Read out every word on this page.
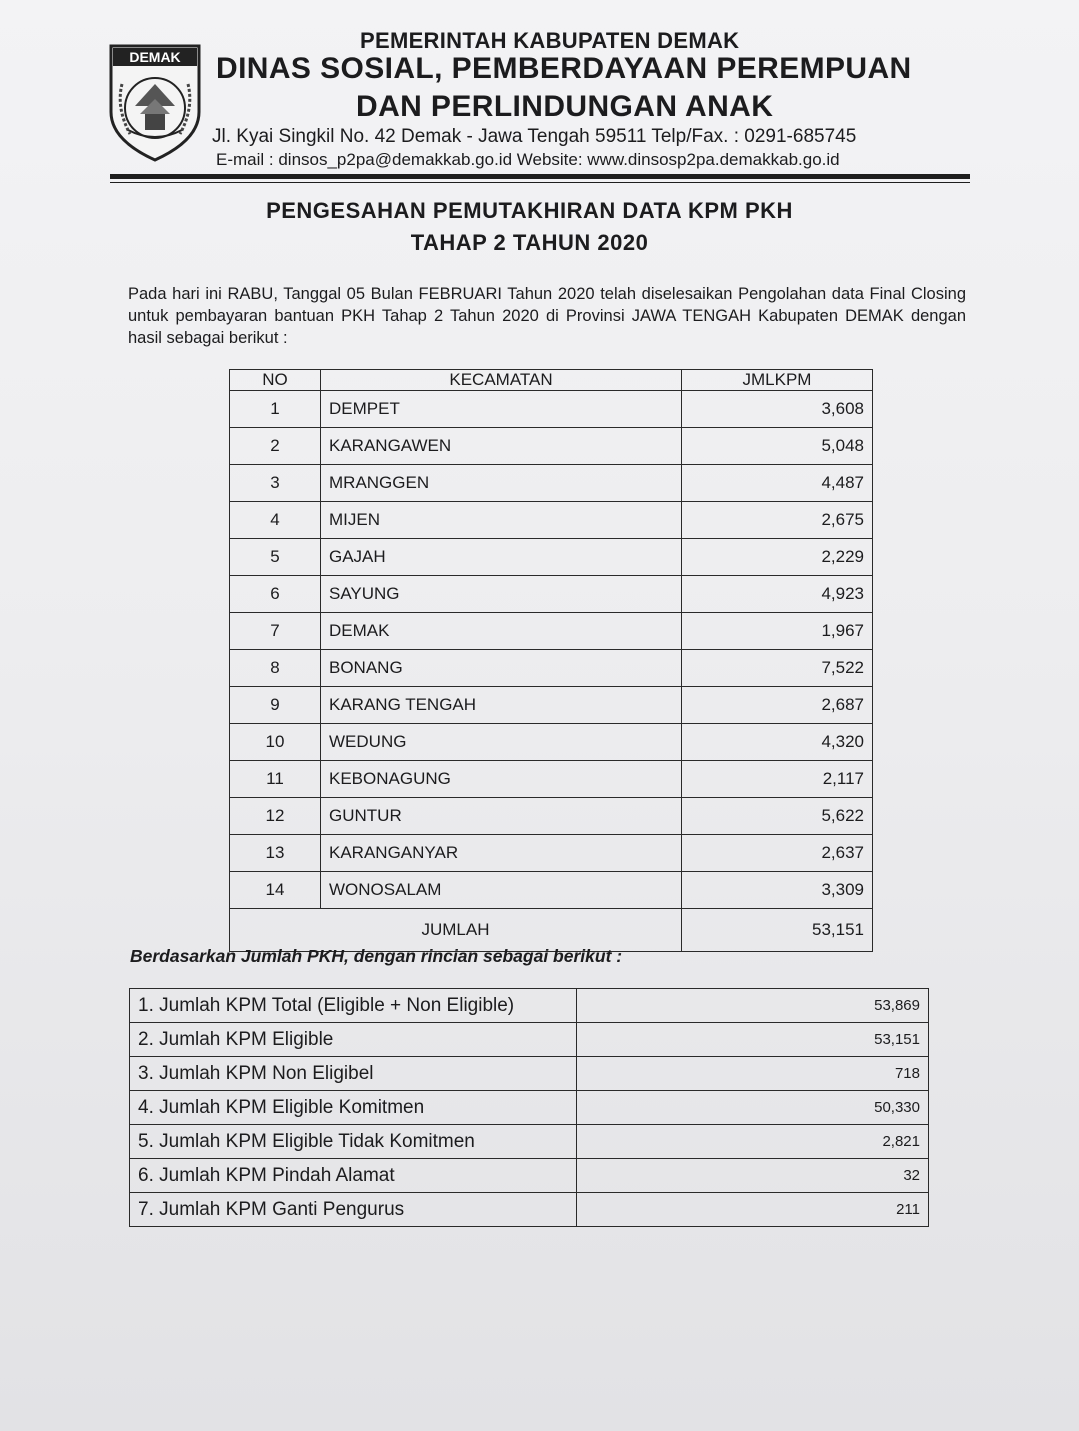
DEMAK
PEMERINTAH KABUPATEN DEMAK
DINAS SOSIAL, PEMBERDAYAAN PEREMPUAN
DAN PERLINDUNGAN ANAK
Jl. Kyai Singkil No. 42 Demak - Jawa Tengah 59511 Telp/Fax. : 0291-685745
E-mail : dinsos_p2pa@demakkab.go.id Website: www.dinsosp2pa.demakkab.go.id
PENGESAHAN PEMUTAKHIRAN DATA KPM PKH
TAHAP 2 TAHUN 2020
Pada hari ini RABU, Tanggal 05 Bulan FEBRUARI Tahun 2020 telah diselesaikan Pengolahan data Final Closing untuk pembayaran bantuan PKH Tahap 2 Tahun 2020 di Provinsi JAWA TENGAH Kabupaten DEMAK dengan hasil sebagai berikut :
NO	KECAMATAN	JMLKPM
1	DEMPET	3,608
2	KARANGAWEN	5,048
3	MRANGGEN	4,487
4	MIJEN	2,675
5	GAJAH	2,229
6	SAYUNG	4,923
7	DEMAK	1,967
8	BONANG	7,522
9	KARANG TENGAH	2,687
10	WEDUNG	4,320
11	KEBONAGUNG	2,117
12	GUNTUR	5,622
13	KARANGANYAR	2,637
14	WONOSALAM	3,309
JUMLAH		53,151
Berdasarkan Jumlah PKH, dengan rincian sebagai berikut :
1. Jumlah KPM Total (Eligible + Non Eligible)	53,869
2. Jumlah KPM Eligible	53,151
3. Jumlah KPM Non Eligibel	718
4. Jumlah KPM Eligible Komitmen	50,330
5. Jumlah KPM Eligible Tidak Komitmen	2,821
6. Jumlah KPM Pindah Alamat	32
7. Jumlah KPM Ganti Pengurus	211
